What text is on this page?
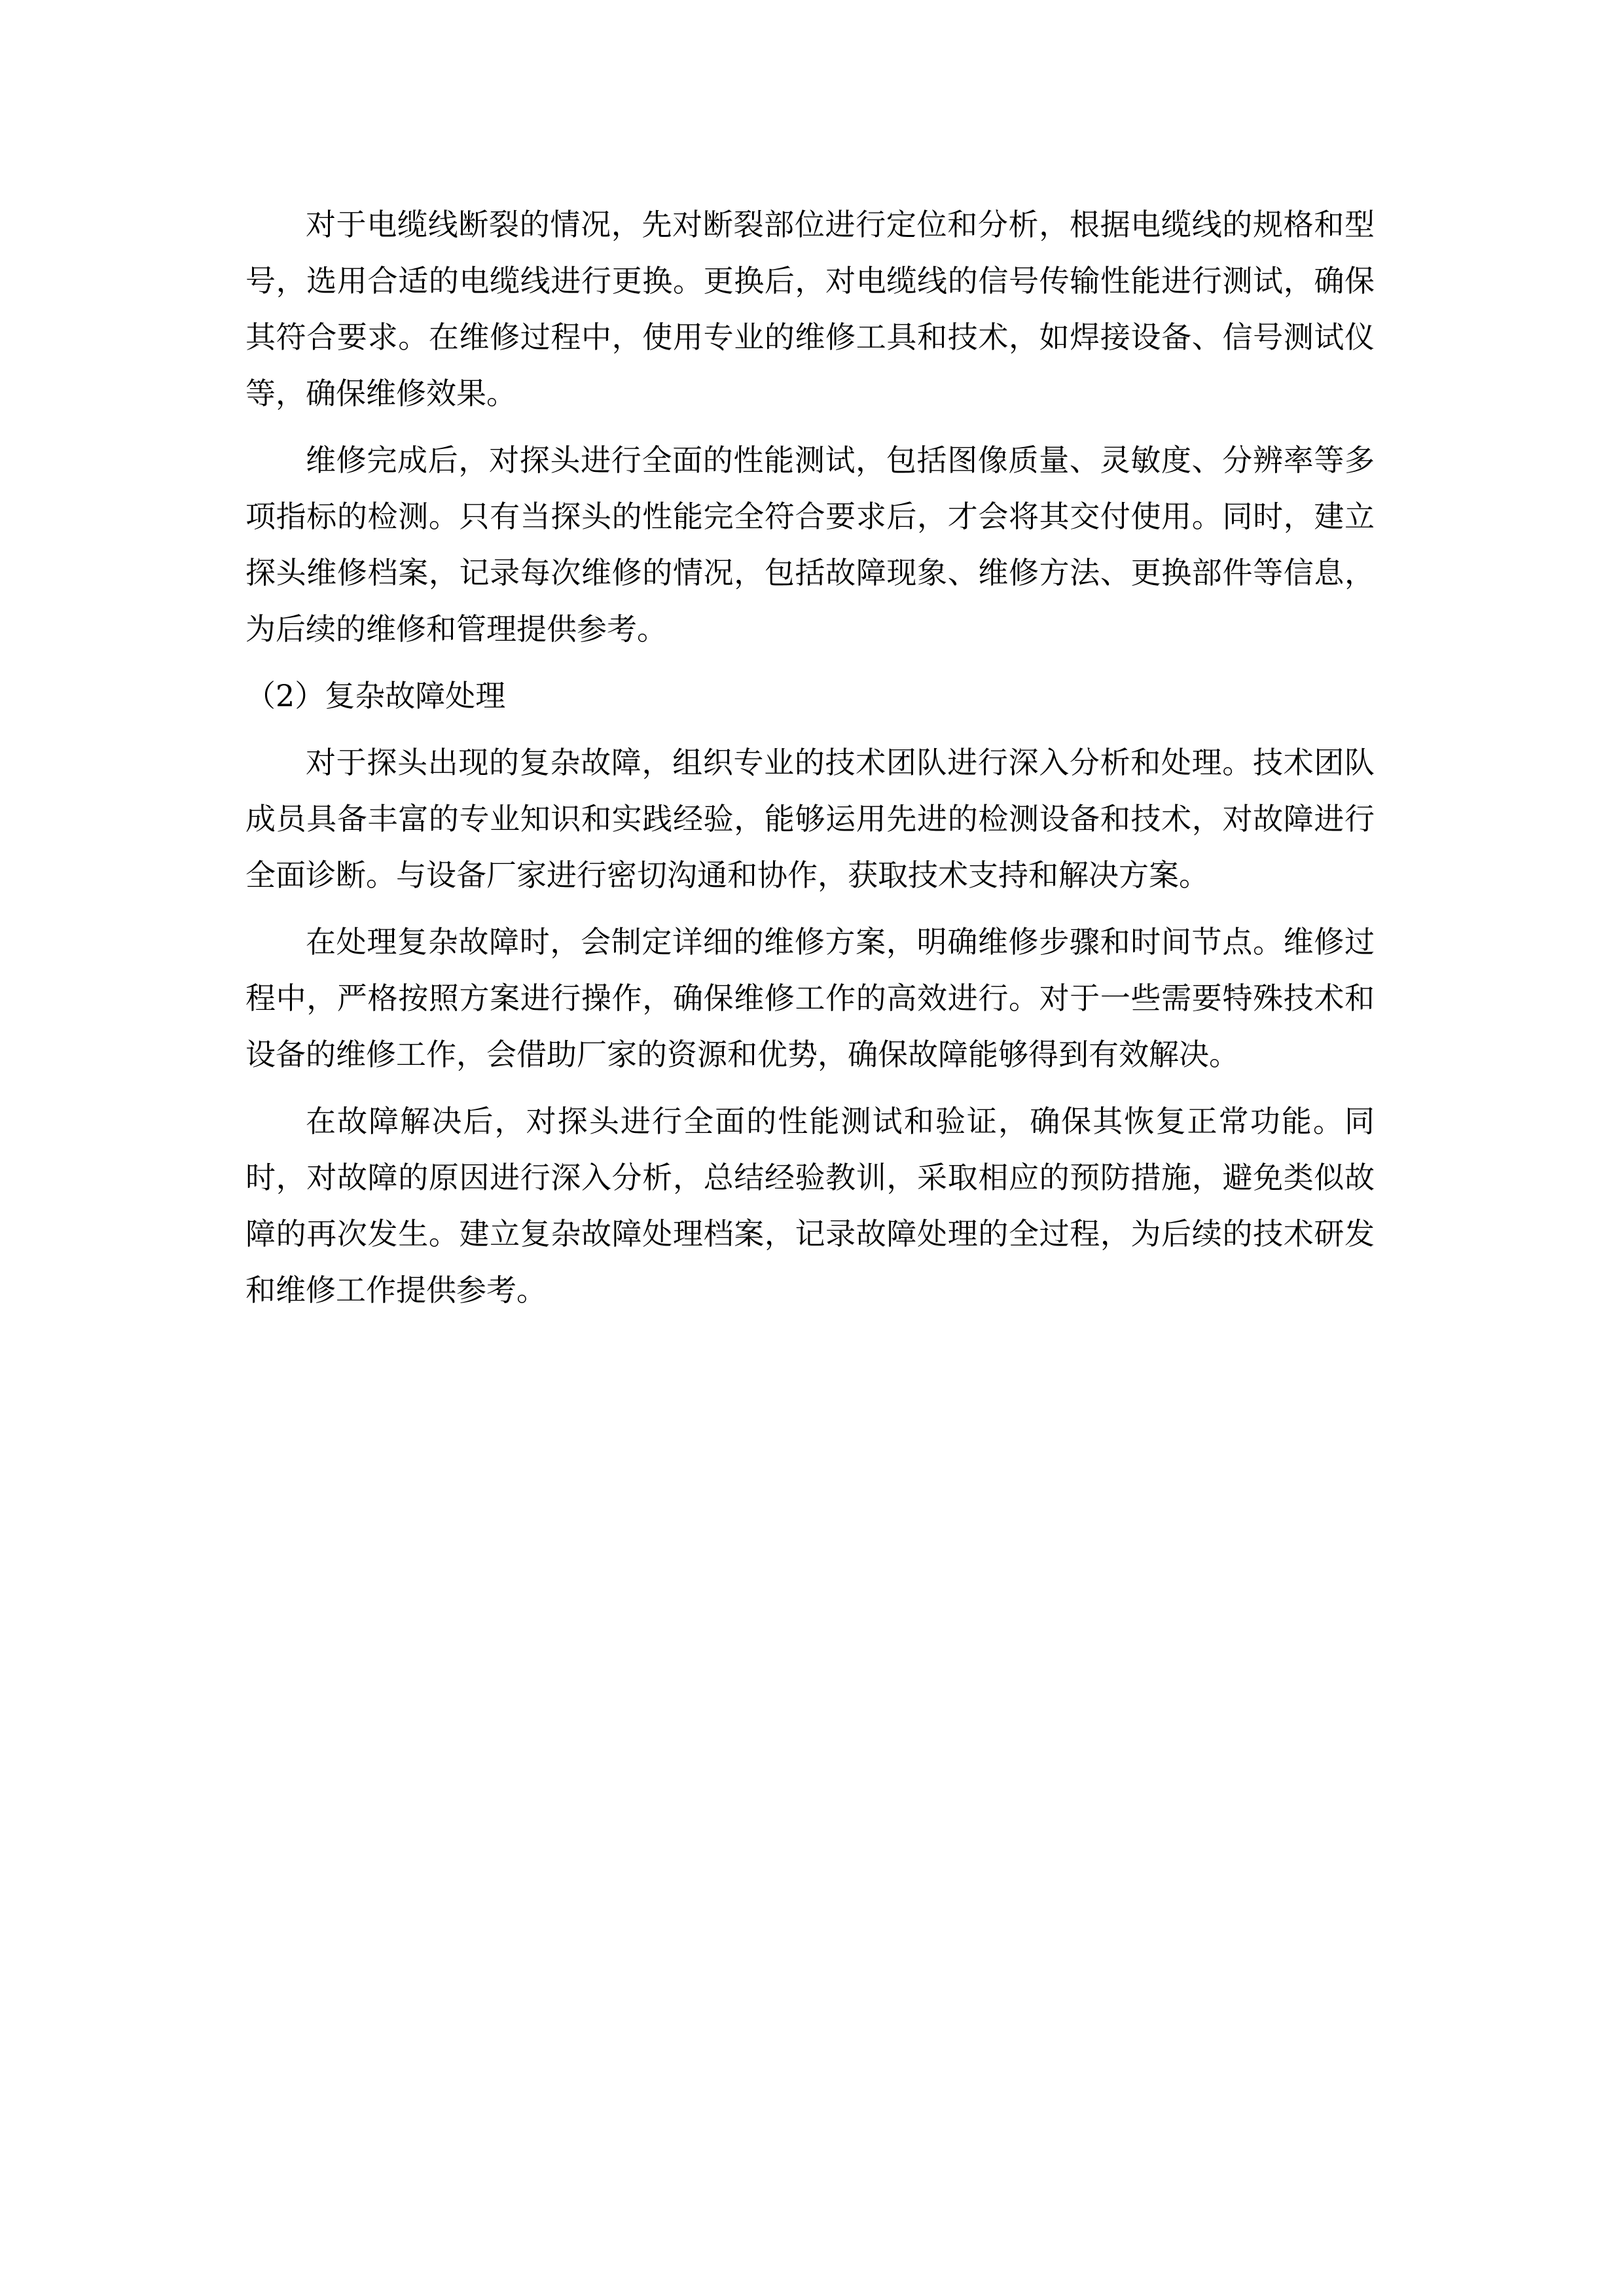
对于电缆线断裂的情况，先对断裂部位进行定位和分析，根据电缆线的规格和型号，选用合适的电缆线进行更换。更换后，对电缆线的信号传输性能进行测试，确保其符合要求。在维修过程中，使用专业的维修工具和技术，如焊接设备、信号测试仪等，确保维修效果。

维修完成后，对探头进行全面的性能测试，包括图像质量、灵敏度、分辨率等多项指标的检测。只有当探头的性能完全符合要求后，才会将其交付使用。同时，建立探头维修档案，记录每次维修的情况，包括故障现象、维修方法、更换部件等信息，为后续的维修和管理提供参考。

（2）复杂故障处理

对于探头出现的复杂故障，组织专业的技术团队进行深入分析和处理。技术团队成员具备丰富的专业知识和实践经验，能够运用先进的检测设备和技术，对故障进行全面诊断。与设备厂家进行密切沟通和协作，获取技术支持和解决方案。

在处理复杂故障时，会制定详细的维修方案，明确维修步骤和时间节点。维修过程中，严格按照方案进行操作，确保维修工作的高效进行。对于一些需要特殊技术和设备的维修工作，会借助厂家的资源和优势，确保故障能够得到有效解决。

在故障解决后，对探头进行全面的性能测试和验证，确保其恢复正常功能。同时，对故障的原因进行深入分析，总结经验教训，采取相应的预防措施，避免类似故障的再次发生。建立复杂故障处理档案，记录故障处理的全过程，为后续的技术研发和维修工作提供参考。
